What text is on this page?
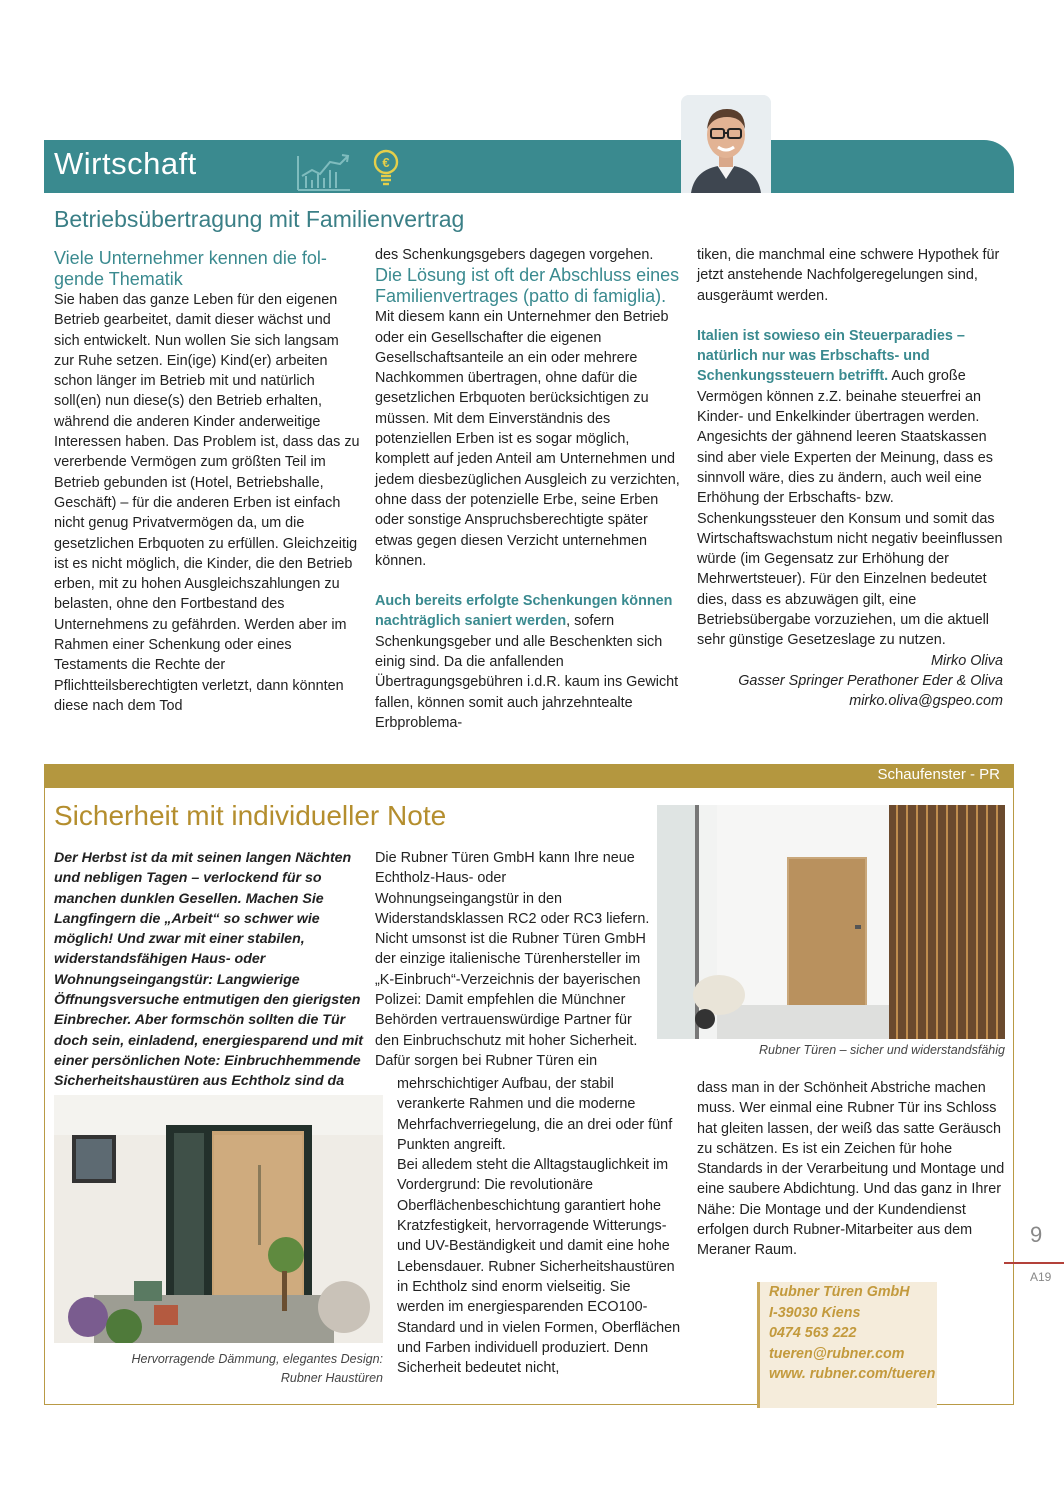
Wirtschaft	€
Betriebsübertragung mit Familienvertrag
Viele Unternehmer kennen die fol-gende Thematik

Sie haben das ganze Leben für den eigenen Betrieb gearbeitet, damit dieser wächst und sich entwickelt. Nun wollen Sie sich langsam zur Ruhe setzen. Ein(ige) Kind(er) arbeiten schon länger im Betrieb mit und natürlich soll(en) nun diese(s) den Betrieb erhalten, während die anderen Kinder anderweitige Interessen haben. Das Problem ist, dass das zu vererbende Vermögen zum größten Teil im Betrieb gebunden ist (Hotel, Betriebshalle, Geschäft) – für die anderen Erben ist einfach nicht genug Privatvermögen da, um die gesetzlichen Erbquoten zu erfüllen. Gleichzeitig ist es nicht möglich, die Kinder, die den Betrieb erben, mit zu hohen Ausgleichszahlungen zu belasten, ohne den Fortbestand des Unternehmens zu gefährden. Werden aber im Rahmen einer Schenkung oder eines Testaments die Rechte der Pflichtteilsberechtigten verletzt, dann könnten diese nach dem Tod

des Schenkungsgebers dagegen vorgehen.

Die Lösung ist oft der Abschluss eines Familienvertrages (patto di famiglia).

Mit diesem kann ein Unternehmer den Betrieb oder ein Gesellschafter die eigenen Gesellschaftsanteile an ein oder mehrere Nachkommen übertragen, ohne dafür die gesetzlichen Erbquoten berücksichtigen zu müssen. Mit dem Einverständnis des potenziellen Erben ist es sogar möglich, komplett auf jeden Anteil am Unternehmen und jedem diesbezüglichen Ausgleich zu verzichten, ohne dass der potenzielle Erbe, seine Erben oder sonstige Anspruchsberechtigte später etwas gegen diesen Verzicht unternehmen können.

Auch bereits erfolgte Schenkungen können nachträglich saniert werden, sofern Schenkungsgeber und alle Beschenkten sich einig sind. Da die anfallenden Übertragungsgebühren i.d.R. kaum ins Gewicht fallen, können somit auch jahrzehntealte Erbproblema-

tiken, die manchmal eine schwere Hypothek für jetzt anstehende Nachfolgeregelungen sind, ausgeräumt werden.

Italien ist sowieso ein Steuerparadies – natürlich nur was Erbschafts- und Schenkungssteuern betrifft. Auch große Vermögen können z.Z. beinahe steuerfrei an Kinder- und Enkelkinder übertragen werden. Angesichts der gähnend leeren Staatskassen sind aber viele Experten der Meinung, dass es sinnvoll wäre, dies zu ändern, auch weil eine Erhöhung der Erbschafts- bzw. Schenkungssteuer den Konsum und somit das Wirtschaftswachstum nicht negativ beeinflussen würde (im Gegensatz zur Erhöhung der Mehrwertsteuer). Für den Einzelnen bedeutet dies, dass es abzuwägen gilt, eine Betriebsübergabe vorzuziehen, um die aktuell sehr günstige Gesetzeslage zu nutzen.

Mirko Oliva
Gasser Springer Perathoner Eder & Oliva
mirko.oliva@gspeo.com
Schaufenster - PR
Sicherheit mit individueller Note
Der Herbst ist da mit seinen langen Nächten und nebligen Tagen – verlockend für so manchen dunklen Gesellen. Machen Sie Langfingern die „Arbeit“ so schwer wie möglich! Und zwar mit einer stabilen, widerstandsfähigen Haus- oder Wohnungseingangstür: Langwierige Öffnungsversuche entmutigen den gierigsten Einbrecher. Aber formschön sollten die Tür doch sein, einladend, energiesparend und mit einer persönlichen Note: Einbruchhemmende Sicherheitshaustüren aus Echtholz sind da
Hervorragende Dämmung, elegantes Design:
Rubner Haustüren
Rubner Türen – sicher und widerstandsfähig

Die Rubner Türen GmbH kann Ihre neue Echtholz-Haus- oder Wohnungseingangstür in den Widerstandsklassen RC2 oder RC3 liefern. Nicht umsonst ist die Rubner Türen GmbH der einzige italienische Türenhersteller im „K-Einbruch“-Verzeichnis der bayerischen Polizei: Damit empfehlen die Münchner Behörden vertrauenswürdige Partner für den Einbruchschutz mit hoher Sicherheit. Dafür sorgen bei Rubner Türen ein

mehrschichtiger Aufbau, der stabil verankerte Rahmen und die moderne Mehrfachverriegelung, die an drei oder fünf Punkten angreift.

Bei alledem steht die Alltagstauglichkeit im Vordergrund: Die revolutionäre Oberflächenbeschichtung garantiert hohe Kratzfestigkeit, hervorragende Witterungs- und UV-Beständigkeit und damit eine hohe Lebensdauer. Rubner Sicherheitshaustüren in Echtholz sind enorm vielseitig. Sie werden im energiesparenden ECO100-Standard und in vielen Formen, Oberflächen und Farben individuell produziert. Denn Sicherheit bedeutet nicht,

dass man in der Schönheit Abstriche machen muss. Wer einmal eine Rubner Tür ins Schloss hat gleiten lassen, der weiß das satte Geräusch zu schätzen. Es ist ein Zeichen für hohe Standards in der Verarbeitung und Montage und eine saubere Abdichtung. Und das ganz in Ihrer Nähe: Die Montage und der Kundendienst erfolgen durch Rubner-Mitarbeiter aus dem Meraner Raum.

Rubner Türen GmbH
I-39030 Kiens
0474 563 222
tueren@rubner.com
www. rubner.com/tueren
9
A19
